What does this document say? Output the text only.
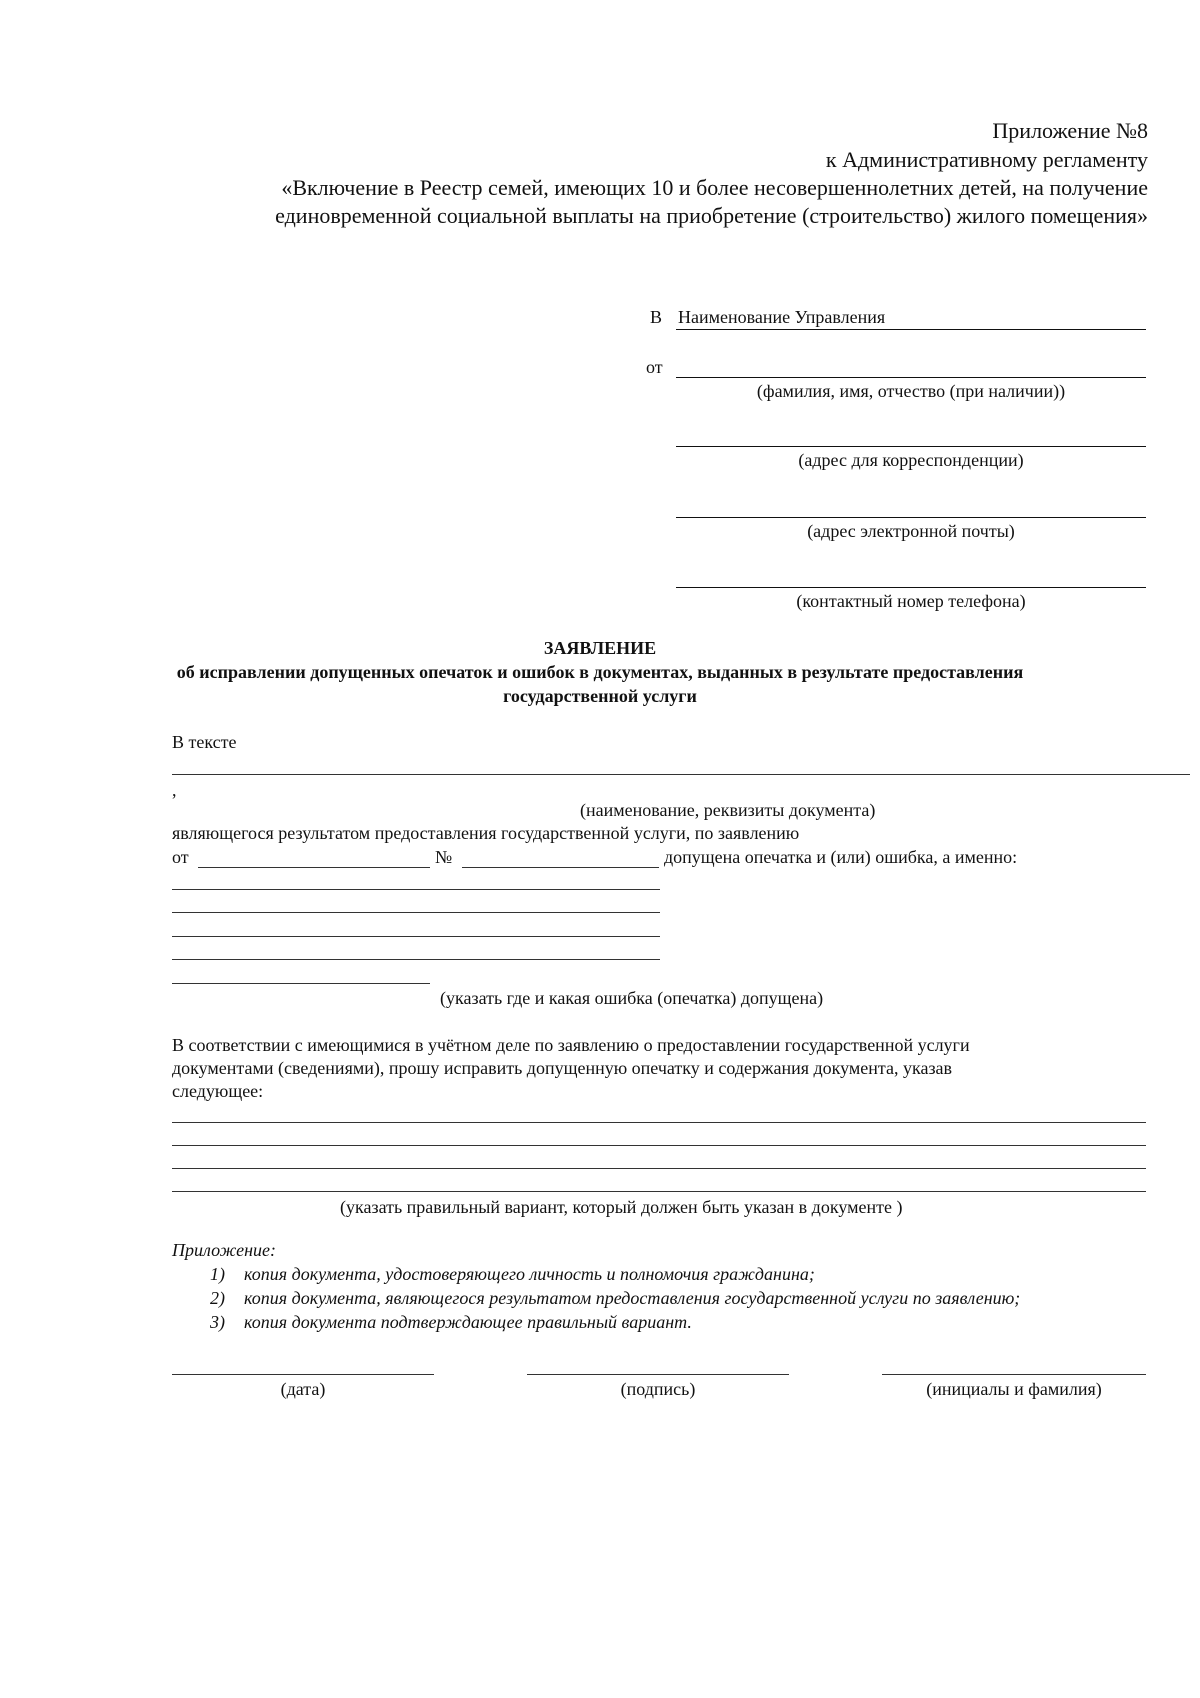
Приложение №8
к Административному регламенту
«Включение в Реестр семей, имеющих 10 и более несовершеннолетних детей, на получение
единовременной социальной выплаты на приобретение (строительство) жилого помещения»
В Наименование Управления
от
(фамилия, имя, отчество (при наличии))
(адрес для корреспонденции)
(адрес электронной почты)
(контактный номер телефона)
ЗАЯВЛЕНИЕ
об исправлении допущенных опечаток и ошибок в документах, выданных в результате предоставления
государственной услуги
В тексте
,
(наименование, реквизиты документа)
являющегося результатом предоставления государственной услуги, по заявлению
от	№	допущена опечатка и (или) ошибка, а именно:
(указать где и какая ошибка (опечатка) допущена)
В соответствии с имеющимися в учётном деле по заявлению о предоставлении государственной услуги
документами (сведениями), прошу исправить допущенную опечатку и содержания документа, указав
следующее:
(указать правильный вариант, который должен быть указан в документе )
Приложение:
1) копия документа, удостоверяющего личность и полномочия гражданина;
2) копия документа, являющегося результатом предоставления государственной услуги по заявлению;
3) копия документа подтверждающее правильный вариант.
(дата)	(подпись)	(инициалы и фамилия)
